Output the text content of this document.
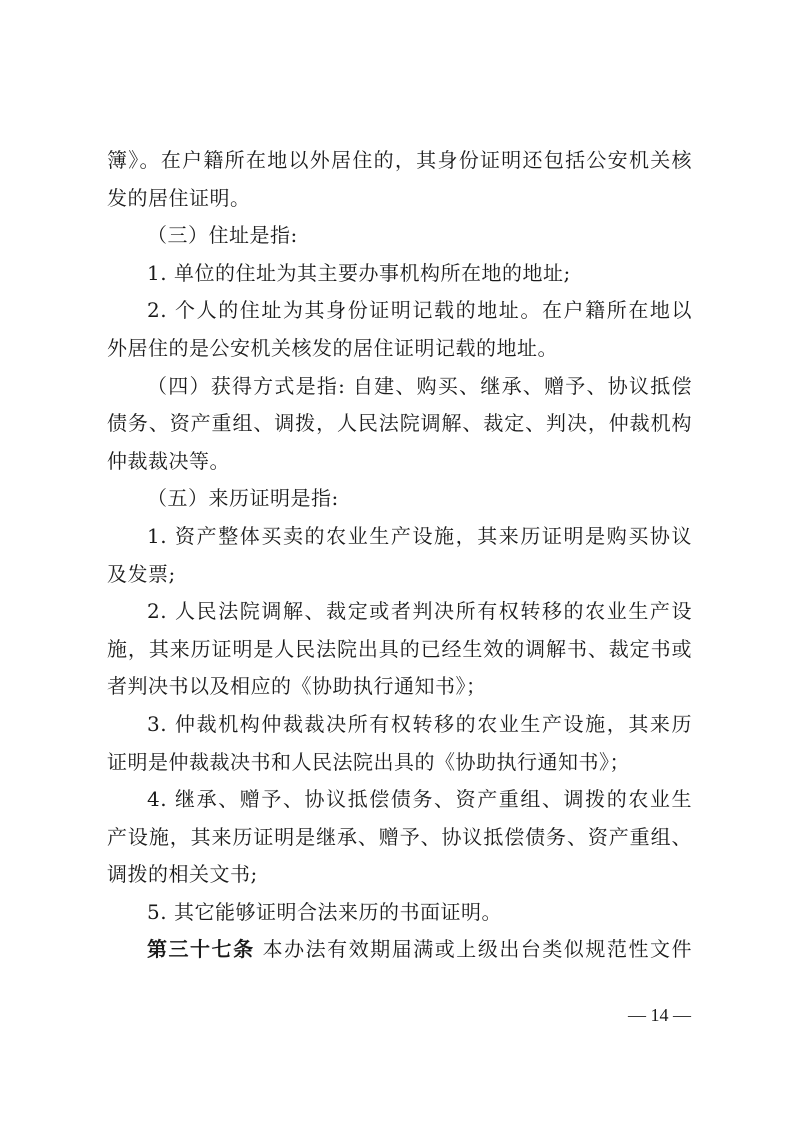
簿》。在户籍所在地以外居住的，其身份证明还包括公安机关核
发的居住证明。
（三）住址是指:
1. 单位的住址为其主要办事机构所在地的地址;
2. 个人的住址为其身份证明记载的地址。在户籍所在地以
外居住的是公安机关核发的居住证明记载的地址。
（四）获得方式是指: 自建、购买、继承、赠予、协议抵偿
债务、资产重组、调拨，人民法院调解、裁定、判决，仲裁机构
仲裁裁决等。
（五）来历证明是指:
1. 资产整体买卖的农业生产设施，其来历证明是购买协议
及发票;
2. 人民法院调解、裁定或者判决所有权转移的农业生产设
施，其来历证明是人民法院出具的已经生效的调解书、裁定书或
者判决书以及相应的《协助执行通知书》；
3. 仲裁机构仲裁裁决所有权转移的农业生产设施，其来历
证明是仲裁裁决书和人民法院出具的《协助执行通知书》；
4. 继承、赠予、协议抵偿债务、资产重组、调拨的农业生
产设施，其来历证明是继承、赠予、协议抵偿债务、资产重组、
调拨的相关文书;
5. 其它能够证明合法来历的书面证明。
第三十七条 本办法有效期届满或上级出台类似规范性文件
— 14 —
